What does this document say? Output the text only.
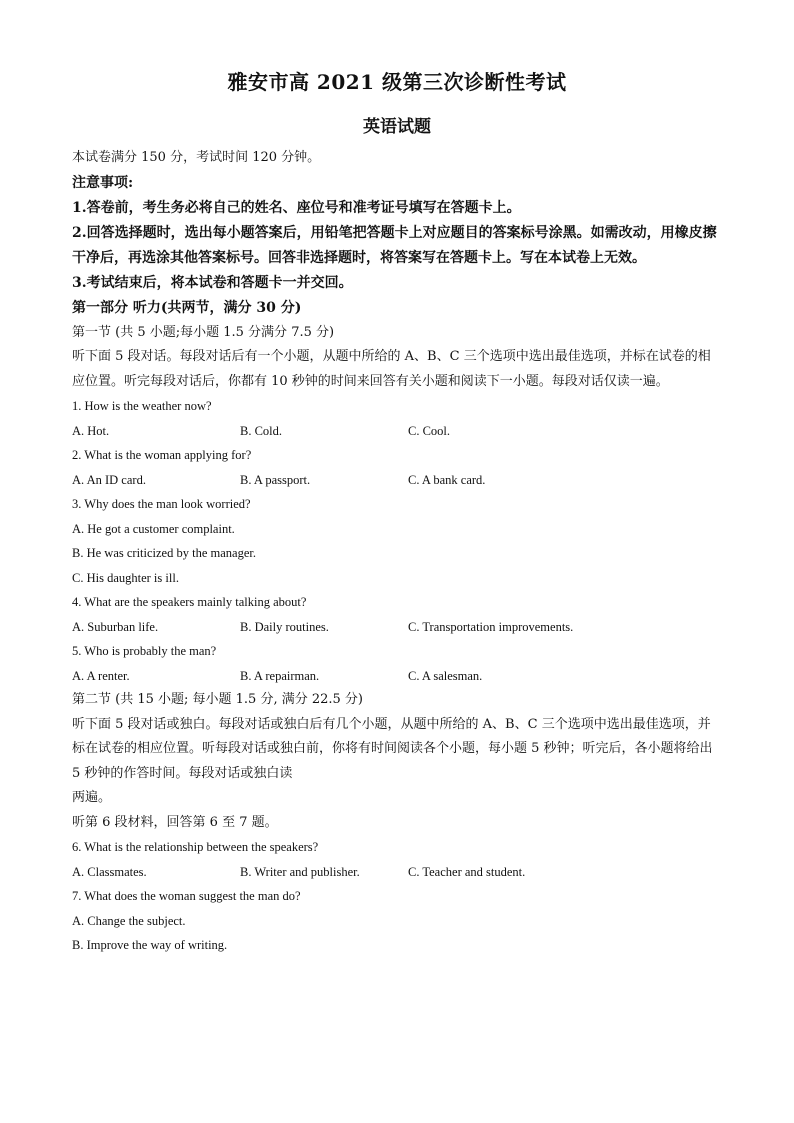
雅安市高 2021 级第三次诊断性考试
英语试题

本试卷满分 150 分，考试时间 120 分钟。

注意事项:

1.答卷前，考生务必将自己的姓名、座位号和准考证号填写在答题卡上。

2.回答选择题时，选出每小题答案后，用铅笔把答题卡上对应题目的答案标号涂黑。如需改动，用橡皮擦干净后，再选涂其他答案标号。回答非选择题时，将答案写在答题卡上。写在本试卷上无效。

3.考试结束后，将本试卷和答题卡一并交回。

第一部分 听力(共两节，满分 30 分)

第一节 (共 5 小题;每小题 1.5 分满分 7.5 分)

听下面 5 段对话。每段对话后有一个小题，从题中所给的 A、B、C 三个选项中选出最佳选项，并标在试卷的相应位置。听完每段对话后，你都有 10 秒钟的时间来回答有关小题和阅读下一小题。每段对话仅读一遍。

1. How is the weather now?

A. Hot.	B. Cold.	C. Cool.

2. What is the woman applying for?

A. An ID card.	B. A passport.	C. A bank card.

3. Why does the man look worried?

A. He got a customer complaint.

B. He was criticized by the manager.

C. His daughter is ill.

4. What are the speakers mainly talking about?

A. Suburban life.	B. Daily routines.	C. Transportation improvements.

5. Who is probably the man?

A. A renter.	B. A repairman.	C. A salesman.

第二节 (共 15 小题; 每小题 1.5 分, 满分 22.5 分)

听下面 5 段对话或独白。每段对话或独白后有几个小题，从题中所给的 A、B、C 三个选项中选出最佳选项，并标在试卷的相应位置。听每段对话或独白前，你将有时间阅读各个小题，每小题 5 秒钟；听完后，各小题将给出 5 秒钟的作答时间。每段对话或独白读

两遍。

听第 6 段材料，回答第 6 至 7 题。

6. What is the relationship between the speakers?

A. Classmates.	B. Writer and publisher.	C. Teacher and student.

7. What does the woman suggest the man do?

A. Change the subject.

B. Improve the way of writing.
